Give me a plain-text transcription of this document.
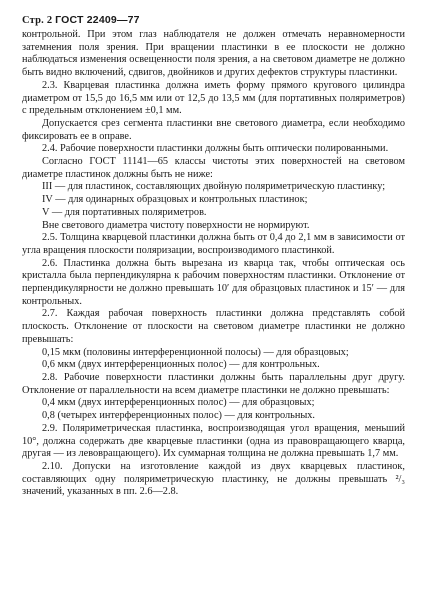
Стр. 2 ГОСТ 22409—77

контрольной. При этом глаз наблюдателя не должен отмечать неравномерности затемнения поля зрения. При вращении пластинки в ее плоскости не должно наблюдаться изменения освещенности поля зрения, а на световом диаметре не должно быть видно включений, сдвигов, двойников и других дефектов структуры пластинки.

2.3. Кварцевая пластинка должна иметь форму прямого кругового цилиндра диаметром от 15,5 до 16,5 мм или от 12,5 до 13,5 мм (для портативных поляриметров) с предельным отклонением ±0,1 мм.

Допускается срез сегмента пластинки вне светового диаметра, если необходимо фиксировать ее в оправе.

2.4. Рабочие поверхности пластинки должны быть оптически полированными.

Согласно ГОСТ 11141—65 классы чистоты этих поверхностей на световом диаметре пластинок должны быть не ниже:

III — для пластинок, составляющих двойную поляриметрическую пластинку;

IV — для одинарных образцовых и контрольных пластинок;

V — для портативных поляриметров.

Вне светового диаметра чистоту поверхности не нормируют.

2.5. Толщина кварцевой пластинки должна быть от 0,4 до 2,1 мм в зависимости от угла вращения плоскости поляризации, воспроизводимого пластинкой.

2.6. Пластинка должна быть вырезана из кварца так, чтобы оптическая ось кристалла была перпендикулярна к рабочим поверхностям пластинки. Отклонение от перпендикулярности не должно превышать 10′ для образцовых пластинок и 15′ — для контрольных.

2.7. Каждая рабочая поверхность пластинки должна представлять собой плоскость. Отклонение от плоскости на световом диаметре пластинки не должно превышать:

0,15 мкм (половины интерференционной полосы) — для образцовых;

0,6 мкм (двух интерференционных полос) — для контрольных.

2.8. Рабочие поверхности пластинки должны быть параллельны друг другу. Отклонение от параллельности на всем диаметре пластинки не должно превышать:

0,4 мкм (двух интерференционных полос) — для образцовых;

0,8 (четырех интерференционных полос) — для контрольных.

2.9. Поляриметрическая пластинка, воспроизводящая угол вращения, меньший 10°, должна содержать две кварцевые пластинки (одна из правовращающего кварца, другая — из левовращающего). Их суммарная толщина не должна превышать 1,7 мм.

2.10. Допуски на изготовление каждой из двух кварцевых пластинок, составляющих одну поляриметрическую пластинку, не должны превышать ²/₃ значений, указанных в пп. 2.6—2.8.
